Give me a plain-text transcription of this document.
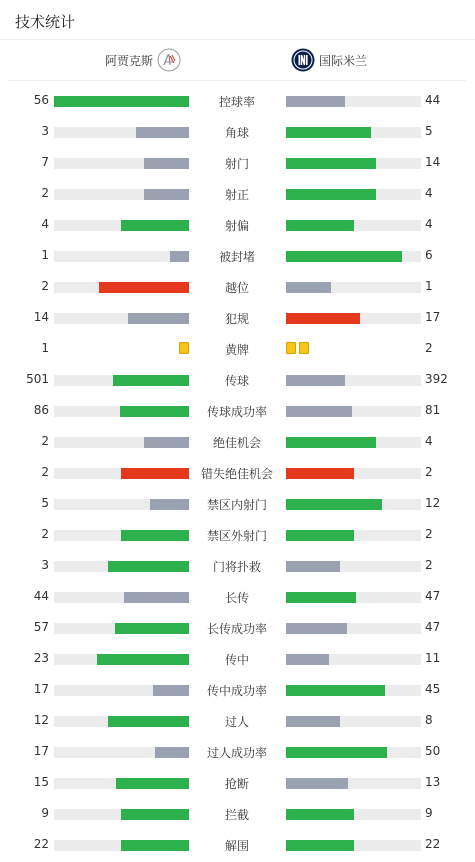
技术统计
阿贾克斯	国际米兰
56	控球率	44
3	角球	5
7	射门	14
2	射正	4
4	射偏	4
1	被封堵	6
2	越位	1
14	犯规	17
1	黄牌	2
501	传球	392
86	传球成功率	81
2	绝佳机会	4
2	错失绝佳机会	2
5	禁区内射门	12
2	禁区外射门	2
3	门将扑救	2
44	长传	47
57	长传成功率	47
23	传中	11
17	传中成功率	45
12	过人	8
17	过人成功率	50
15	抢断	13
9	拦截	9
22	解围	22
